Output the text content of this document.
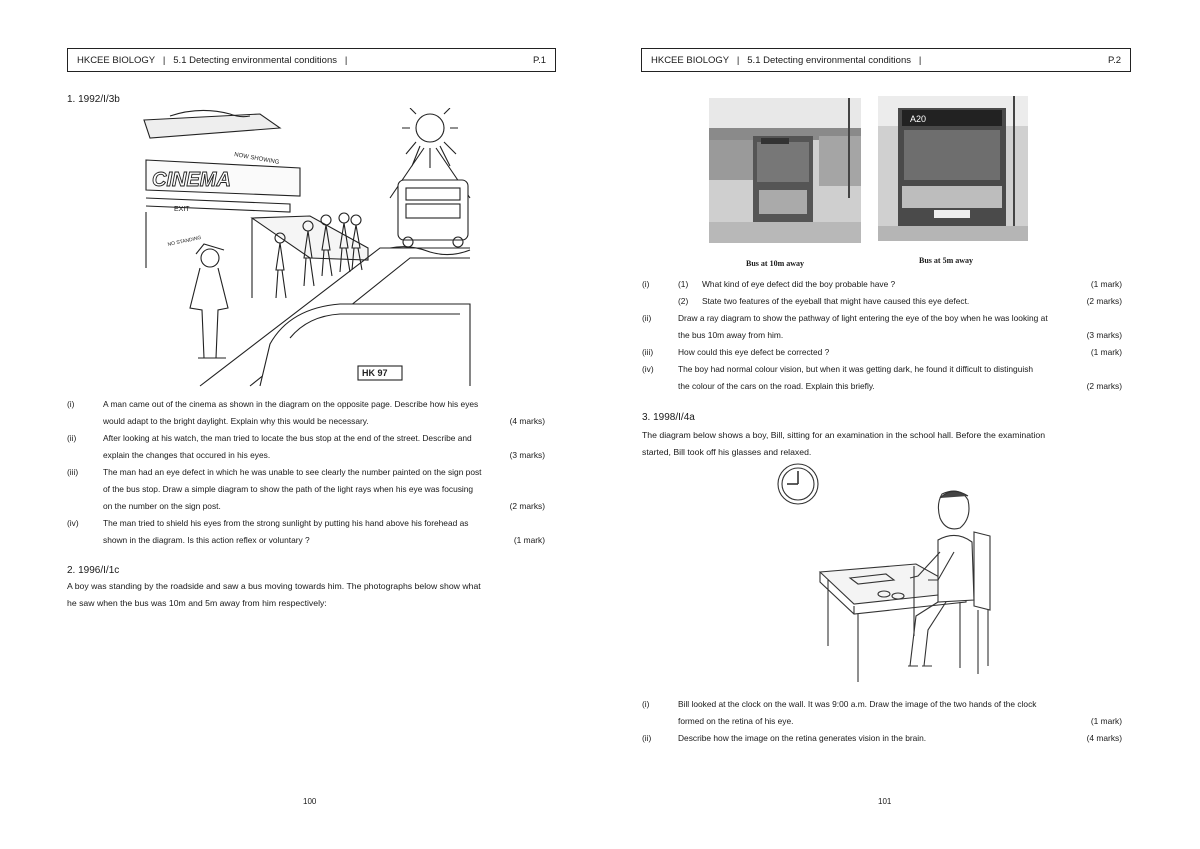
HKCEE BIOLOGY   |   5.1 Detecting environmental conditions   |	P.1
1. 1992/I/3b
NOW SHOWING
CINEMA
EXIT
NO STANDING
HK 97
(i)	A man came out of the cinema as shown in the diagram on the opposite page. Describe how his eyes
would adapt to the bright daylight. Explain why this would be necessary.	(4 marks)
(ii)	After looking at his watch, the man tried to locate the bus stop at the end of the street. Describe and
explain the changes that occured in his eyes.	(3 marks)
(iii)	The man had an eye defect in which he was unable to see clearly the number painted on the sign post
of the bus stop. Draw a simple diagram to show the path of the light rays when his eye was focusing
on the number on the sign post.	(2 marks)
(iv)	The man tried to shield his eyes from the strong sunlight by putting his hand above his forehead as
shown in the diagram. Is this action reflex or voluntary ?	(1 mark)
2. 1996/I/1c
A boy was standing by the roadside and saw a bus moving towards him. The photographs below show what
he saw when the bus was 10m and 5m away from him respectively:
100
HKCEE BIOLOGY   |   5.1 Detecting environmental conditions   |	P.2
Bus at 10m away
A20
Bus at 5m away
(i)	(1) What kind of eye defect did the boy probable have ?	(1 mark)
(2) State two features of the eyeball that might have caused this eye defect.	(2 marks)
(ii)	Draw a ray diagram to show the pathway of light entering the eye of the boy when he was looking at
the bus 10m away from him.	(3 marks)
(iii)	How could this eye defect be corrected ?	(1 mark)
(iv)	The boy had normal colour vision, but when it was getting dark, he found it difficult to distinguish
the colour of the cars on the road. Explain this briefly.	(2 marks)
3. 1998/I/4a
The diagram below shows a boy, Bill, sitting for an examination in the school hall. Before the examination
started, Bill took off his glasses and relaxed.
(i)	Bill looked at the clock on the wall. It was 9:00 a.m. Draw the image of the two hands of the clock
formed on the retina of his eye.	(1 mark)
(ii)	Describe how the image on the retina generates vision in the brain.	(4 marks)
101
